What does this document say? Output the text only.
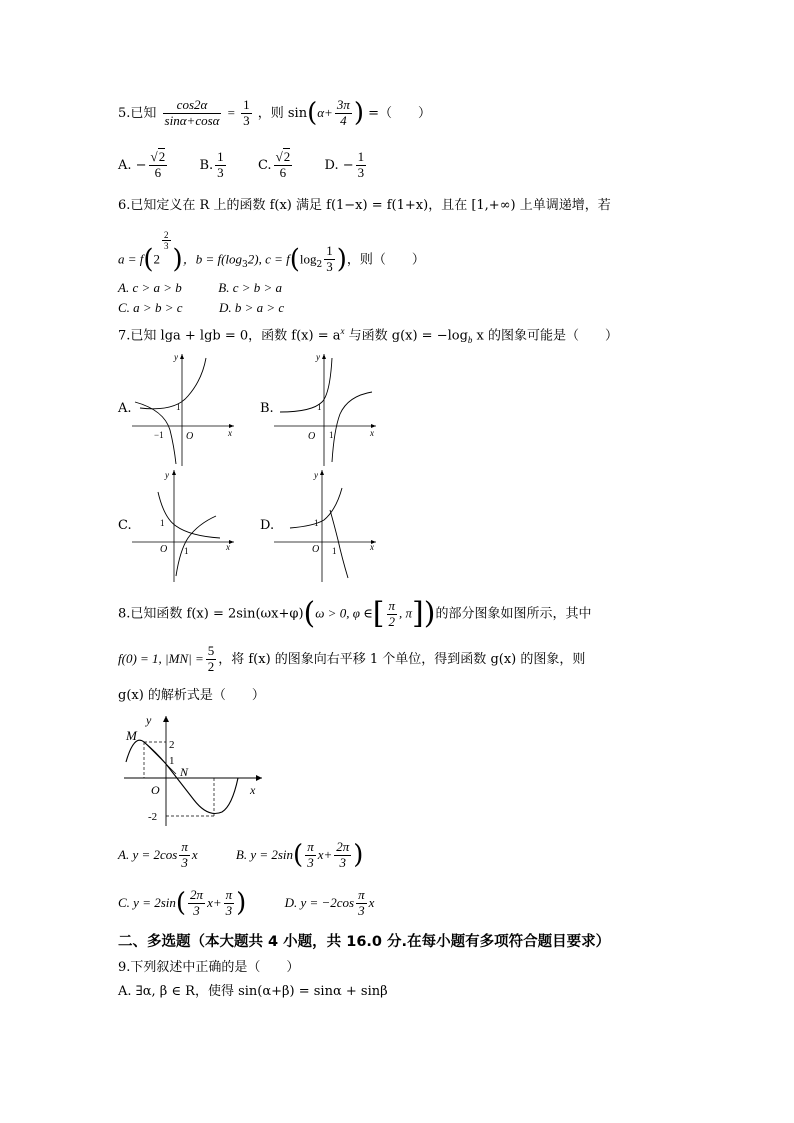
5.已知 $\frac{\cos 2\alpha}{\sin\alpha+\cos\alpha} = \frac{1}{3}$ ，则 $\sin(\alpha+ \frac{3\pi}{4}$ ) =（　　）
A. − $\frac{√2}{6} B$. $\frac{1}{3} C$. $\frac{√2}{6} D$. − $\frac{1}{3}$
6.已知定义在 R 上的函数 f(x) 满足 f(1−x) = f(1+x)，且在 [1,+∞) 上单调递增，若
a = f(2
$^{\frac{2}{3}}$
)，$b = f(\log_32)$, $c = f(\log_2 \frac{1}{3}$ )，则（　　）
A. c > a > b	B. c > b > a
C. a > b > c	D. b > a > c
7.已知 lga + lgb = 0，函数 $f(x) = a^x$ 与函数 $g(x) = -\log_b$ x 的图象可能是（　　）
A.	1
−1 O	x
y
B.	1
1
O	x
y
C.	1
1
O	x
y
D.	1
1
O	x
y
8.已知函数 f(x) = 2sin(ωx+φ)(ω > 0, φ ∈[ $\frac{\pi}{2}$ , π])的部分图象如图所示，其中
f(0) = 1, $|MN| = \frac{5}{2}$ ，将 f(x) 的图象向右平移 1 个单位，得到函数 g(x) 的图象，则
g(x) 的解析式是（　　）
M
N
O
y
x
2
1
-2
A. $y = 2\cos \frac{\pi}{3}$ x	B. $y = 2\sin( \frac{\pi}{3} x+ \frac{2\pi}{3}$ )
C. $y = 2\sin( \frac{2\pi}{3} x+ \frac{\pi}{3}$ )	D. $y = -2\cos \frac{\pi}{3}$ x
二、多选题（本大题共 4 小题，共 16.0 分.在每小题有多项符合题目要求）
9.下列叙述中正确的是（　　）
A. ∃α, β ∈ R，使得 sin(α+β) = sinα + sinβ
